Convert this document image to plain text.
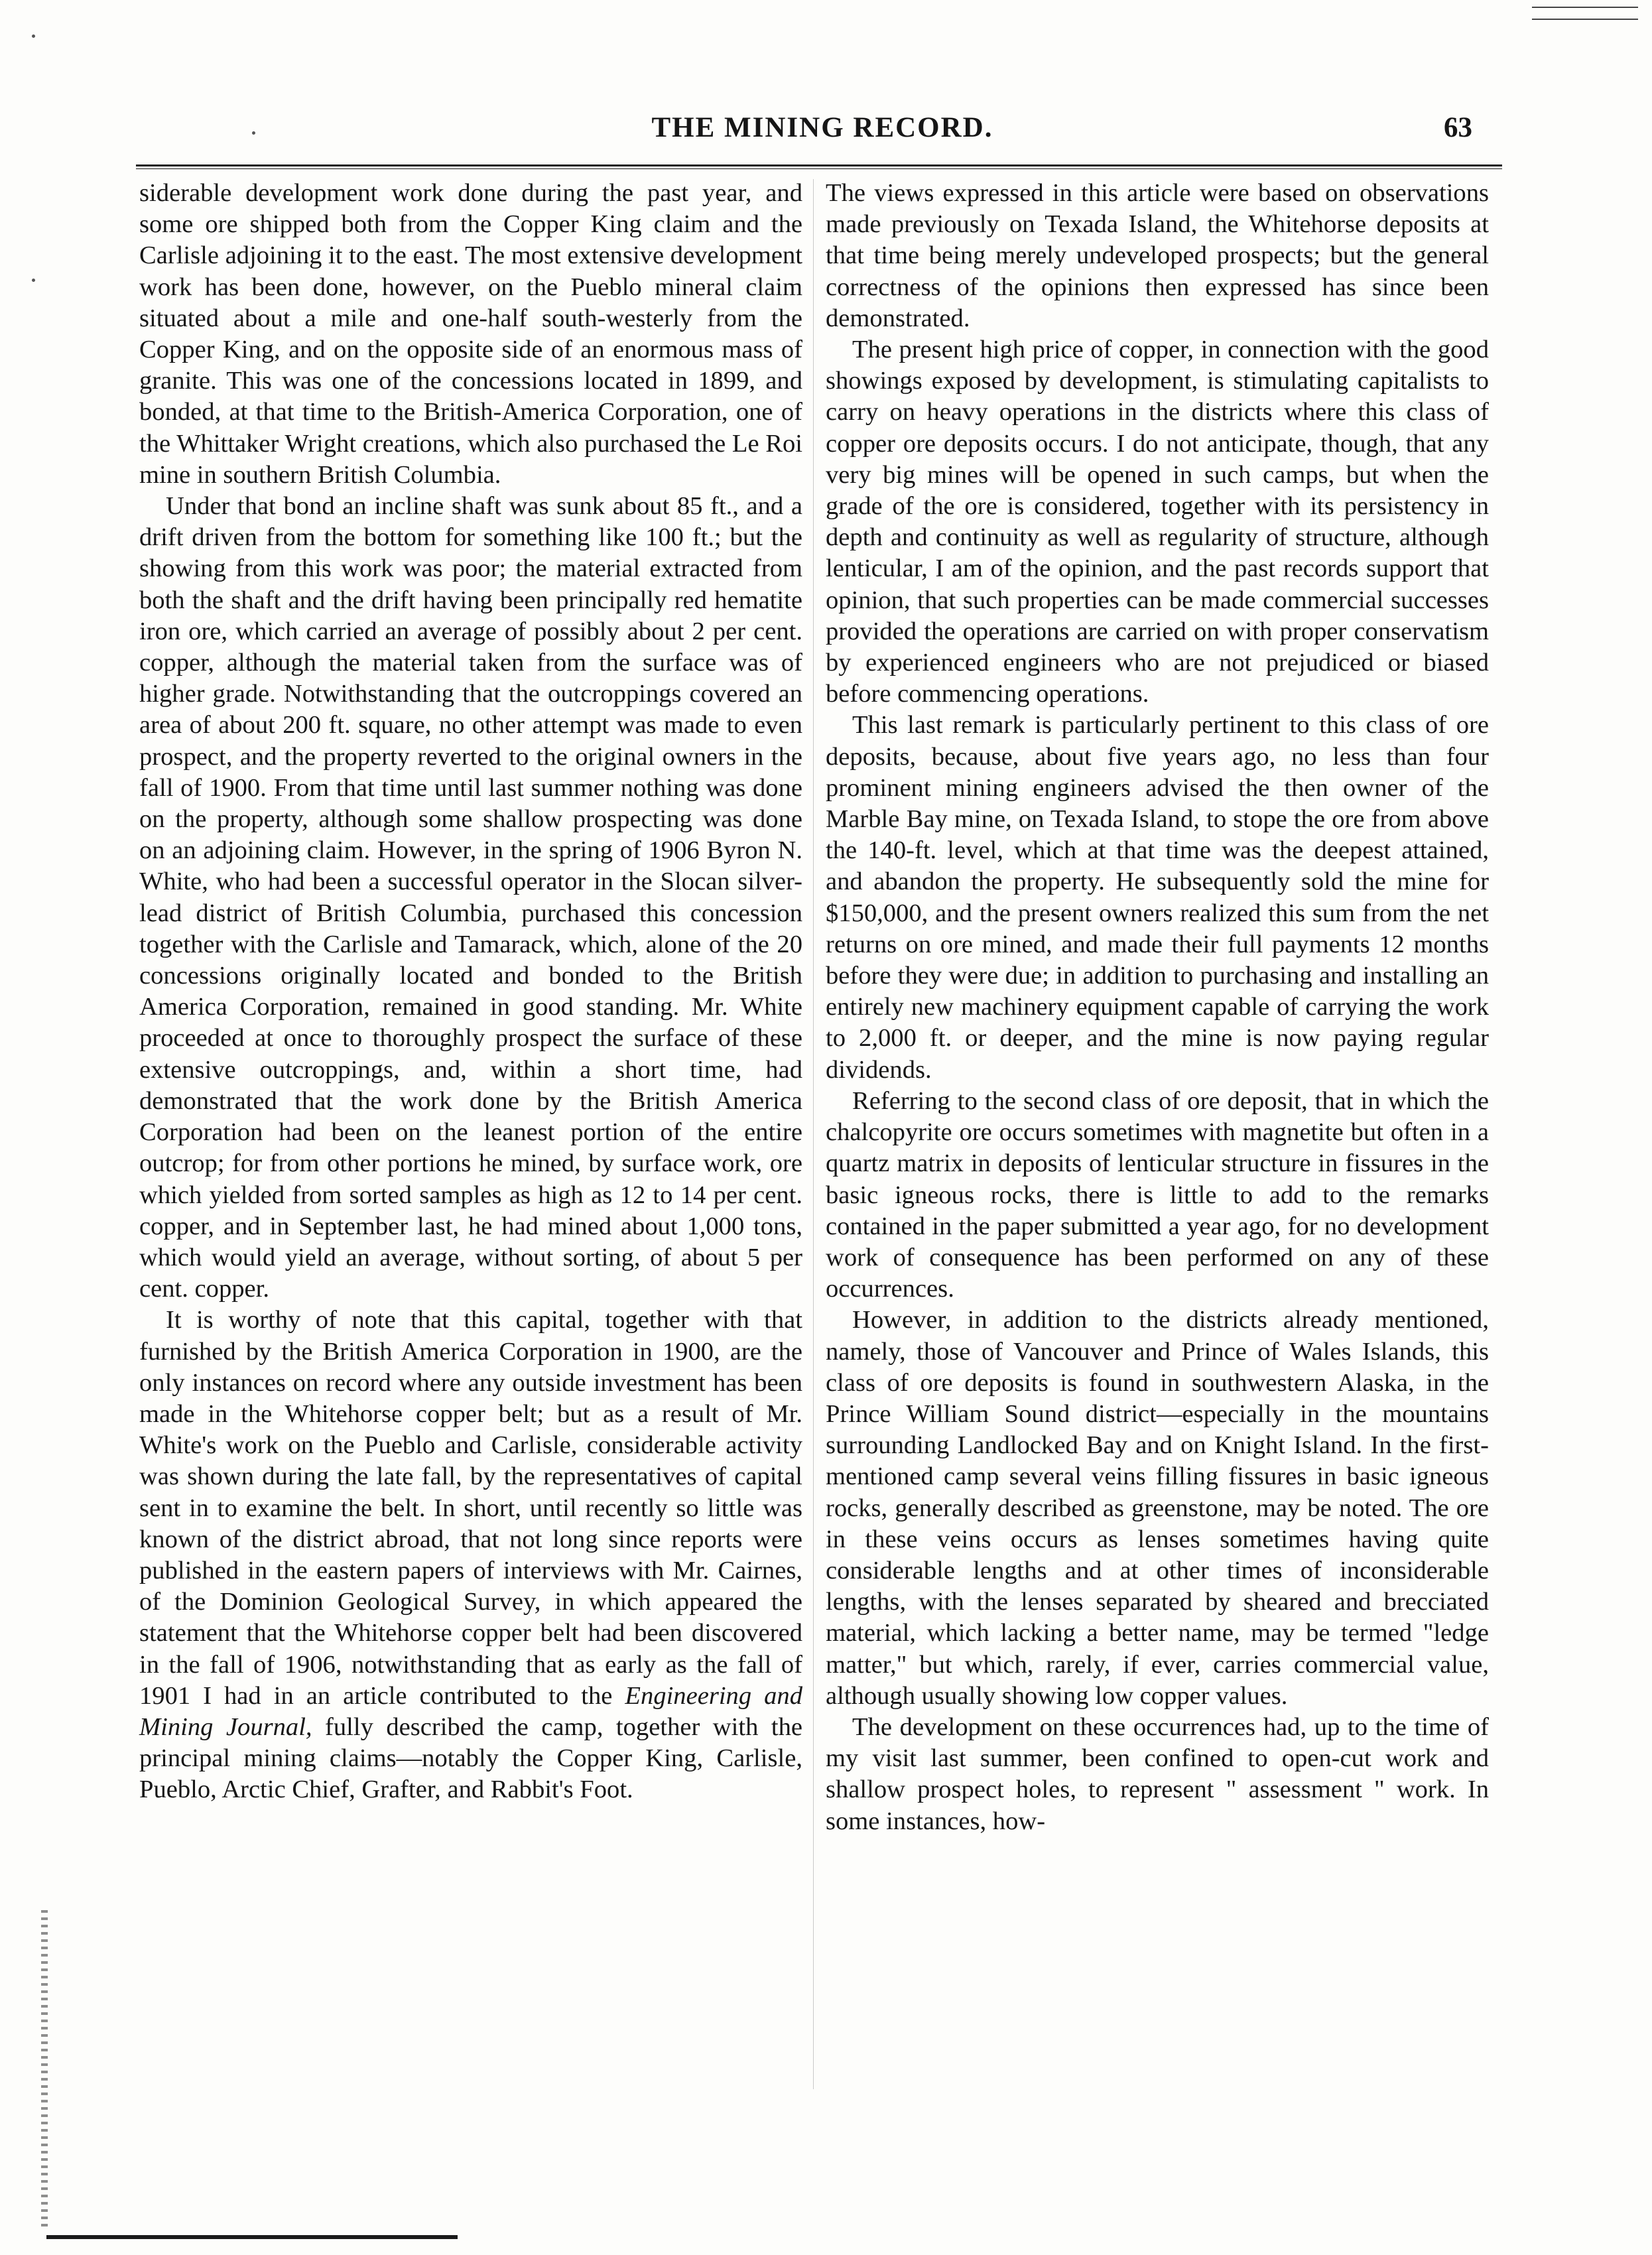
THE MINING RECORD.	63

siderable development work done during the past year, and some ore shipped both from the Copper King claim and the Carlisle adjoining it to the east. The most extensive development work has been done, however, on the Pueblo mineral claim situated about a mile and one-half south-westerly from the Copper King, and on the opposite side of an enormous mass of granite. This was one of the concessions located in 1899, and bonded, at that time to the British-America Corporation, one of the Whittaker Wright creations, which also purchased the Le Roi mine in southern British Columbia.

Under that bond an incline shaft was sunk about 85 ft., and a drift driven from the bottom for something like 100 ft.; but the showing from this work was poor; the material extracted from both the shaft and the drift having been principally red hematite iron ore, which carried an average of possibly about 2 per cent. copper, although the material taken from the surface was of higher grade. Notwithstanding that the outcroppings covered an area of about 200 ft. square, no other attempt was made to even prospect, and the property reverted to the original owners in the fall of 1900. From that time until last summer nothing was done on the property, although some shallow prospecting was done on an adjoining claim. However, in the spring of 1906 Byron N. White, who had been a successful operator in the Slocan silver-lead district of British Columbia, purchased this concession together with the Carlisle and Tamarack, which, alone of the 20 concessions originally located and bonded to the British America Corporation, remained in good standing. Mr. White proceeded at once to thoroughly prospect the surface of these extensive outcroppings, and, within a short time, had demonstrated that the work done by the British America Corporation had been on the leanest portion of the entire outcrop; for from other portions he mined, by surface work, ore which yielded from sorted samples as high as 12 to 14 per cent. copper, and in September last, he had mined about 1,000 tons, which would yield an average, without sorting, of about 5 per cent. copper.

It is worthy of note that this capital, together with that furnished by the British America Corporation in 1900, are the only instances on record where any outside investment has been made in the Whitehorse copper belt; but as a result of Mr. White's work on the Pueblo and Carlisle, considerable activity was shown during the late fall, by the representatives of capital sent in to examine the belt. In short, until recently so little was known of the district abroad, that not long since reports were published in the eastern papers of interviews with Mr. Cairnes, of the Dominion Geological Survey, in which appeared the statement that the Whitehorse copper belt had been discovered in the fall of 1906, notwithstanding that as early as the fall of 1901 I had in an article contributed to the Engineering and Mining Journal, fully described the camp, together with the principal mining claims—notably the Copper King, Carlisle, Pueblo, Arctic Chief, Grafter, and Rabbit's Foot.

The views expressed in this article were based on observations made previously on Texada Island, the Whitehorse deposits at that time being merely undeveloped prospects; but the general correctness of the opinions then expressed has since been demonstrated.

The present high price of copper, in connection with the good showings exposed by development, is stimulating capitalists to carry on heavy operations in the districts where this class of copper ore deposits occurs. I do not anticipate, though, that any very big mines will be opened in such camps, but when the grade of the ore is considered, together with its persistency in depth and continuity as well as regularity of structure, although lenticular, I am of the opinion, and the past records support that opinion, that such properties can be made commercial successes provided the operations are carried on with proper conservatism by experienced engineers who are not prejudiced or biased before commencing operations.

This last remark is particularly pertinent to this class of ore deposits, because, about five years ago, no less than four prominent mining engineers advised the then owner of the Marble Bay mine, on Texada Island, to stope the ore from above the 140-ft. level, which at that time was the deepest attained, and abandon the property. He subsequently sold the mine for $150,000, and the present owners realized this sum from the net returns on ore mined, and made their full payments 12 months before they were due; in addition to purchasing and installing an entirely new machinery equipment capable of carrying the work to 2,000 ft. or deeper, and the mine is now paying regular dividends.

Referring to the second class of ore deposit, that in which the chalcopyrite ore occurs sometimes with magnetite but often in a quartz matrix in deposits of lenticular structure in fissures in the basic igneous rocks, there is little to add to the remarks contained in the paper submitted a year ago, for no development work of consequence has been performed on any of these occurrences.

However, in addition to the districts already mentioned, namely, those of Vancouver and Prince of Wales Islands, this class of ore deposits is found in southwestern Alaska, in the Prince William Sound district—especially in the mountains surrounding Landlocked Bay and on Knight Island. In the first-mentioned camp several veins filling fissures in basic igneous rocks, generally described as greenstone, may be noted. The ore in these veins occurs as lenses sometimes having quite considerable lengths and at other times of inconsiderable lengths, with the lenses separated by sheared and brecciated material, which lacking a better name, may be termed "ledge matter," but which, rarely, if ever, carries commercial value, although usually showing low copper values.

The development on these occurrences had, up to the time of my visit last summer, been confined to open-cut work and shallow prospect holes, to represent " assessment " work. In some instances, how-
